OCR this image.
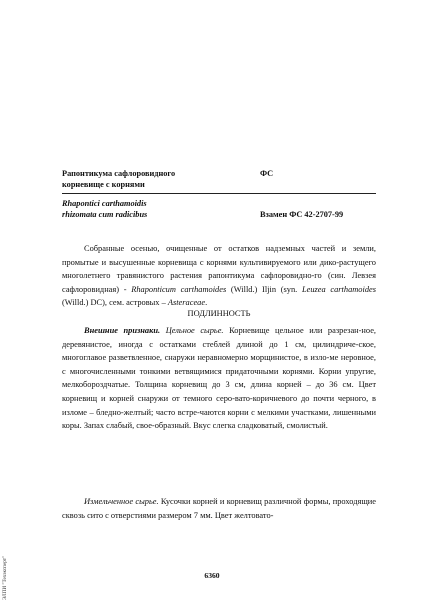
Рапонтикума сафлоровидного
корневище с корнями
ФС
Rhapontici carthamoidis
rhizomata cum radicibus	Взамен ФС 42-2707-99

Собранные осенью, очищенные от остатков надземных частей и земли, промытые и высушенные корневища с корнями культивируемого или дико-растущего многолетнего травянистого растения рапонтикума сафлоровидно-го (син. Левзея сафлоровидная) - Rhaponticum carthamoides (Willd.) Iljin (syn. Leuzea carthamoides (Willd.) DC), сем. астровых – Asteraceae.

ПОДЛИННОСТЬ

Внешние признаки. Цельное сырье. Корневище цельное или разрезан-ное, деревянистое, иногда с остатками стеблей длиной до 1 см, цилиндриче-ское, многоглавое разветвленное, снаружи неравномерно морщинистое, в изло-ме неровное, с многочисленными тонкими ветвящимися придаточными корнями. Корни упругие, мелкобороздчатые. Толщина корневищ до 3 см, длина корней – до 36 см. Цвет корневищ и корней снаружи от темного серо-вато-коричневого до почти черного, в изломе – бледно-желтый; часто встре-чаются корни с мелкими участками, лишенными коры. Запах слабый, свое-образный. Вкус слегка сладковатый, смолистый.

Измельченное сырье. Кусочки корней и корневищ различной формы, проходящие сквозь сито с отверстиями размером 7 мм. Цвет желтовато-

6360
ЭЛПИ "Техэксперт"
